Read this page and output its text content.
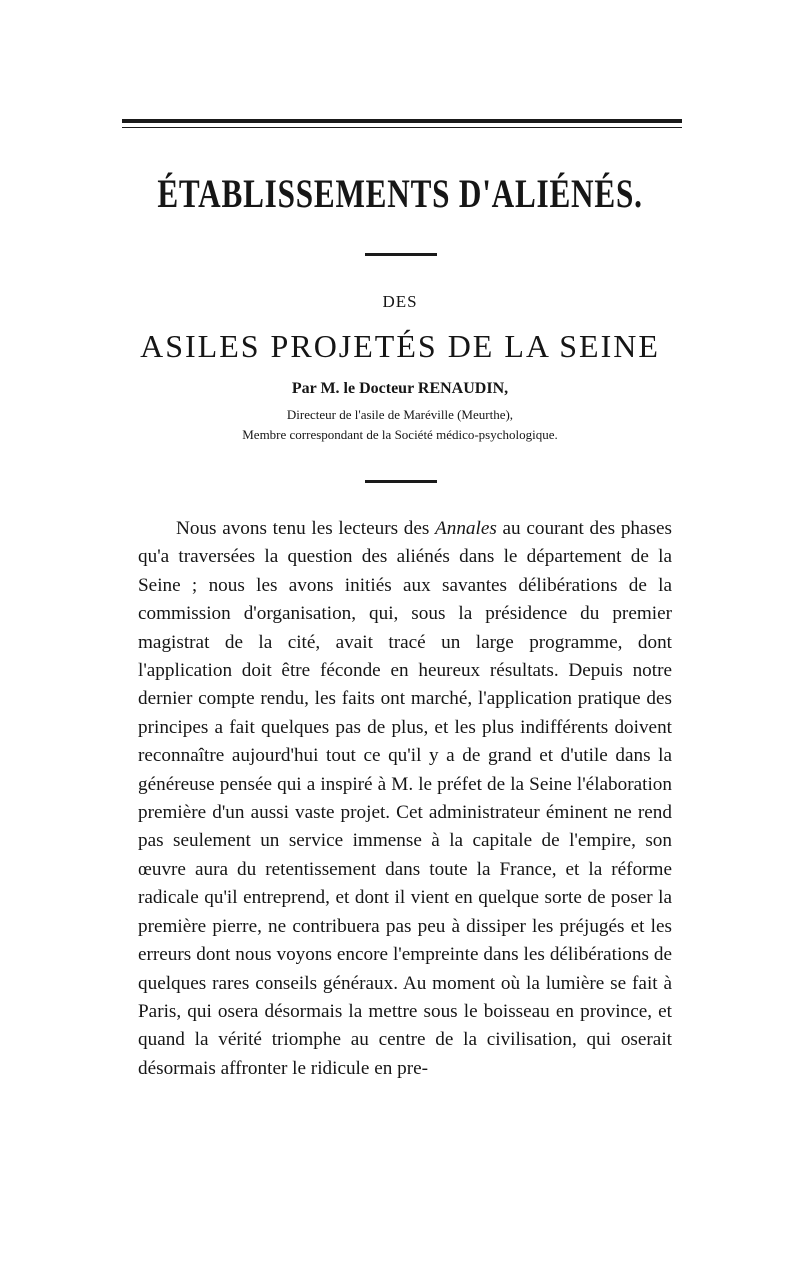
ÉTABLISSEMENTS D'ALIÉNÉS.
DES
ASILES PROJETÉS DE LA SEINE
Par M. le Docteur RENAUDIN,
Directeur de l'asile de Maréville (Meurthe),
Membre correspondant de la Société médico-psychologique.

Nous avons tenu les lecteurs des Annales au courant des phases qu'a traversées la question des aliénés dans le département de la Seine ; nous les avons initiés aux savantes délibérations de la commission d'organisation, qui, sous la présidence du premier magistrat de la cité, avait tracé un large programme, dont l'application doit être féconde en heureux résultats. Depuis notre dernier compte rendu, les faits ont marché, l'application pratique des principes a fait quelques pas de plus, et les plus indifférents doivent reconnaître aujourd'hui tout ce qu'il y a de grand et d'utile dans la généreuse pensée qui a inspiré à M. le préfet de la Seine l'élaboration première d'un aussi vaste projet. Cet administrateur éminent ne rend pas seulement un service immense à la capitale de l'empire, son œuvre aura du retentissement dans toute la France, et la réforme radicale qu'il entreprend, et dont il vient en quelque sorte de poser la première pierre, ne contribuera pas peu à dissiper les préjugés et les erreurs dont nous voyons encore l'empreinte dans les délibérations de quelques rares conseils généraux. Au moment où la lumière se fait à Paris, qui osera désormais la mettre sous le boisseau en province, et quand la vérité triomphe au centre de la civilisation, qui oserait désormais affronter le ridicule en pre-
